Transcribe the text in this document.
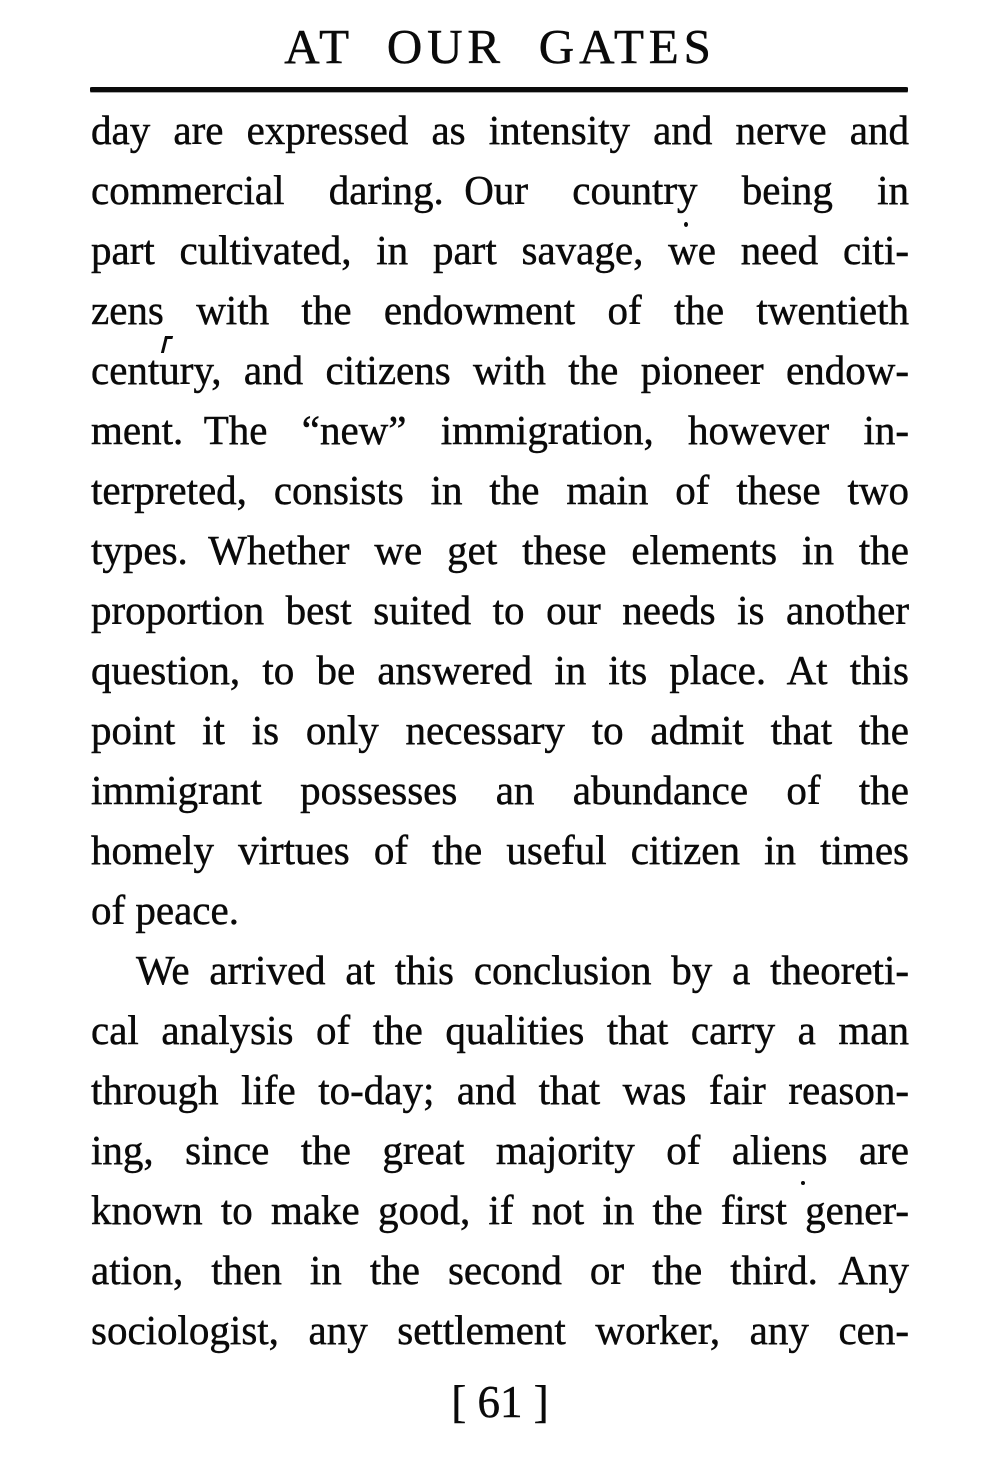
AT OUR GATES
day are expressed as intensity and nerve and
commercial daring. Our country being in
part cultivated, in part savage, we need citi-
zens with the endowment of the twentieth
century, and citizens with the pioneer endow-
ment. The “new” immigration, however in-
terpreted, consists in the main of these two
types. Whether we get these elements in the
proportion best suited to our needs is another
question, to be answered in its place. At this
point it is only necessary to admit that the
immigrant possesses an abundance of the
homely virtues of the useful citizen in times
of peace.
We arrived at this conclusion by a theoreti-
cal analysis of the qualities that carry a man
through life to-day; and that was fair reason-
ing, since the great majority of aliens are
known to make good, if not in the first gener-
ation, then in the second or the third. Any
sociologist, any settlement worker, any cen-
[ 61 ]
